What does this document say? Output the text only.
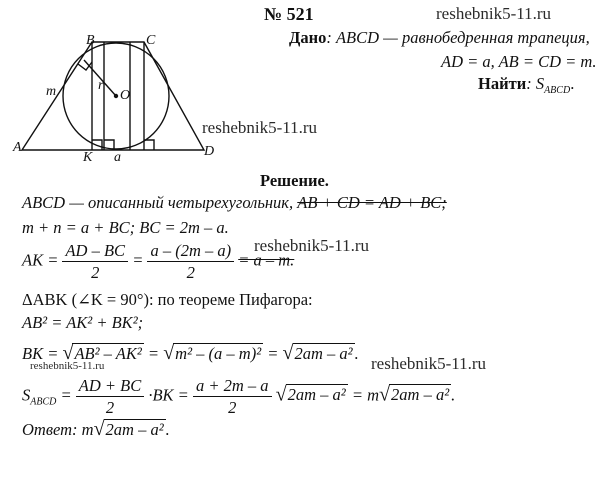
B	C
A	D
K
O
m	r
a
№ 521	reshebnik5-11.ru
Дано: ABCD — равнобедренная трапеция,
AD = a, AB = CD = m.
Найти: $S_{ABCD}$.
reshebnik5-11.ru
reshebnik5-11.ru
reshebnik5-11.ru	reshebnik5-11.ru
Решение.
ABCD — описанный четырехугольник, AB + CD = AD + BC;
m + n = a + BC; BC = 2m – a.
AK = $\frac{AD - BC}{2} = \frac{a - (2m - a)}{2} = a - m$.
ΔABK (∠K = 90°): по теореме Пифагора:
AB² = AK² + BK²;
BK = √AB² – AK² = √m² – (a – m)² = √2am – a² .
$S_{ABCD} = \frac{AD + BC}{2} \cdot BK = \frac{a + 2m - a}{2} √2am - a^2 = m√2am - a^2$ .
Ответ: m√2am – a² .
